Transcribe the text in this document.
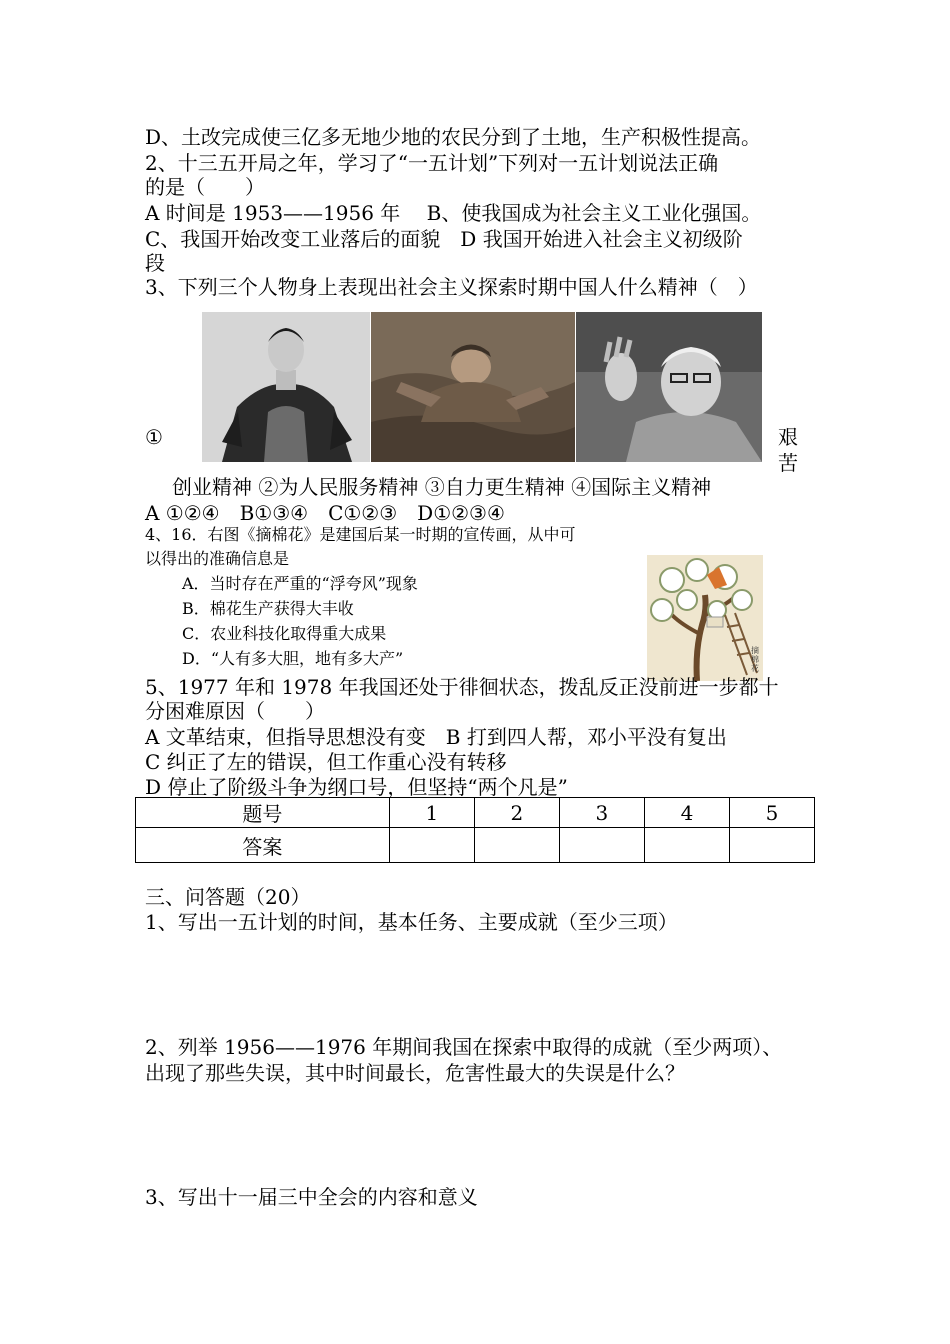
D、土改完成使三亿多无地少地的农民分到了土地，生产积极性提高。
2、十三五开局之年，学习了“一五计划”下列对一五计划说法正确
的是（　　）
A 时间是 1953——1956 年　 B、使我国成为社会主义工业化强国。
C、我国开始改变工业落后的面貌　D 我国开始进入社会主义初级阶
段
3、下列三个人物身上表现出社会主义探索时期中国人什么精神（　）
①	艰
苦
创业精神 ②为人民服务精神 ③自力更生精神 ④国际主义精神
A ①②④　B①③④　C①②③　D①②③④
4、16．右图《摘棉花》是建国后某一时期的宣传画，从中可
以得出的准确信息是
A．当时存在严重的“浮夸风”现象
B．棉花生产获得大丰收
C．农业科技化取得重大成果
D．“人有多大胆，地有多大产”	摘棉花
5、1977 年和 1978 年我国还处于徘徊状态，拨乱反正没前进一步都十
分困难原因（　　）
A 文革结束，但指导思想没有变　B 打到四人帮，邓小平没有复出
C 纠正了左的错误，但工作重心没有转移
D 停止了阶级斗争为纲口号，但坚持“两个凡是”
题号	1	2	3	4	5
答案					
三、问答题（20）
1、写出一五计划的时间，基本任务、主要成就（至少三项）
2、列举 1956——1976 年期间我国在探索中取得的成就（至少两项）、
出现了那些失误，其中时间最长，危害性最大的失误是什么？
3、写出十一届三中全会的内容和意义
